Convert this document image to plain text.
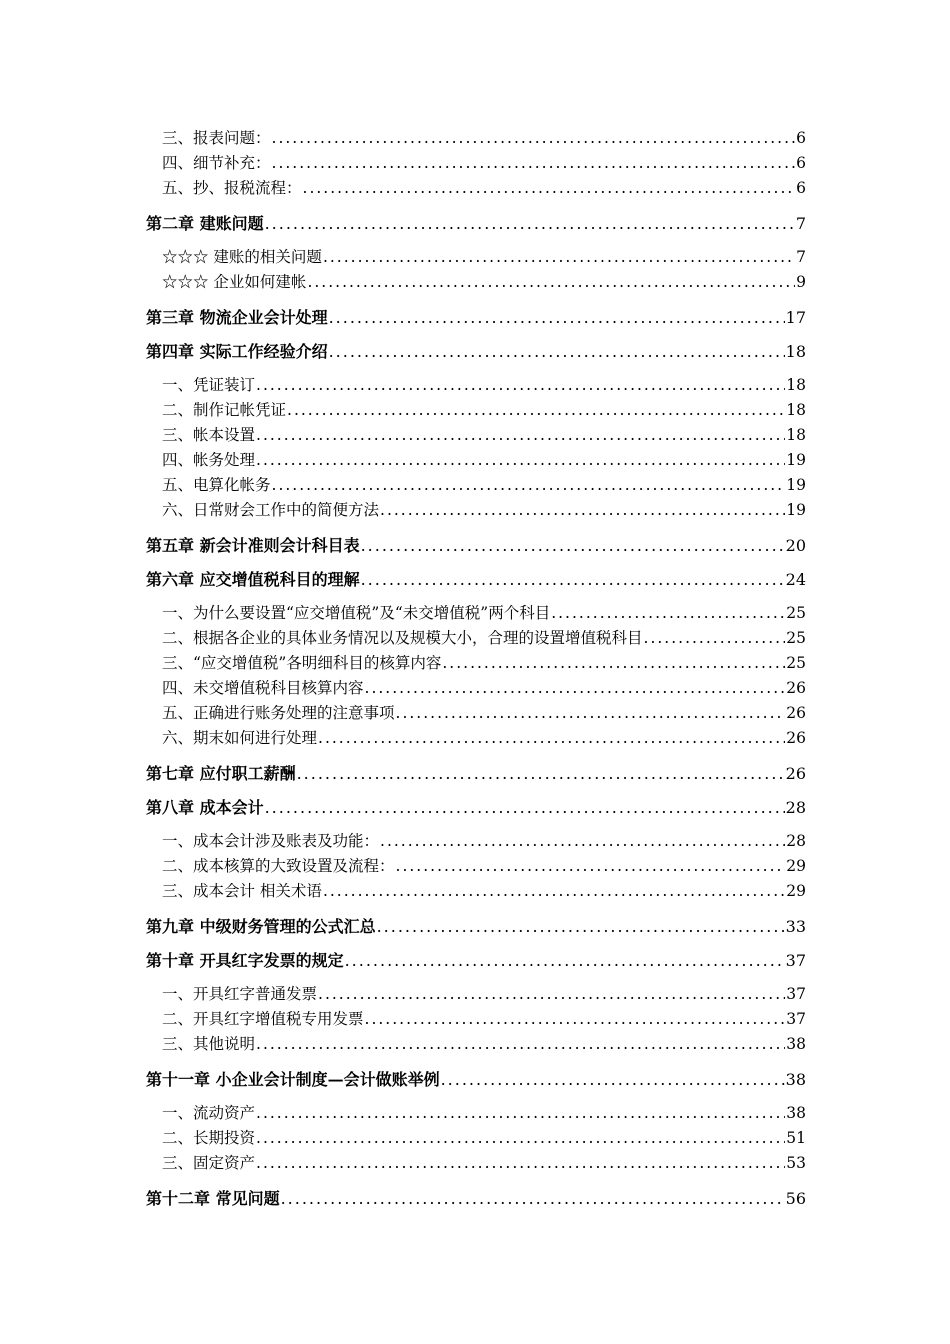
三、报表问题： .....	6
四、细节补充： .....	6
五、抄、报税流程： .....	6
第二章 建账问题 .....	7
☆☆☆ 建账的相关问题 .....	7
☆☆☆ 企业如何建帐 .....	9
第三章 物流企业会计处理 .....	17
第四章 实际工作经验介绍 .....	18
一、凭证装订 .....	18
二、制作记帐凭证 .....	18
三、帐本设置 .....	18
四、帐务处理 .....	19
五、电算化帐务 .....	19
六、日常财会工作中的简便方法 .....	19
第五章 新会计准则会计科目表 .....	20
第六章 应交增值税科目的理解 .....	24
一、为什么要设置“应交增值税”及“未交增值税”两个科目 .....	25
二、根据各企业的具体业务情况以及规模大小，合理的设置增值税科目 .....	25
三、“应交增值税”各明细科目的核算内容 .....	25
四、未交增值税科目核算内容 .....	26
五、正确进行账务处理的注意事项 .....	26
六、期末如何进行处理 .....	26
第七章 应付职工薪酬 .....	26
第八章 成本会计 .....	28
一、成本会计涉及账表及功能： .....	28
二、成本核算的大致设置及流程： .....	29
三、成本会计 相关术语 .....	29
第九章 中级财务管理的公式汇总 .....	33
第十章 开具红字发票的规定 .....	37
一、开具红字普通发票 .....	37
二、开具红字增值税专用发票 .....	37
三、其他说明 .....	38
第十一章 小企业会计制度—会计做账举例 .....	38
一、流动资产 .....	38
二、长期投资 .....	51
三、固定资产 .....	53
第十二章 常见问题 .....	56
